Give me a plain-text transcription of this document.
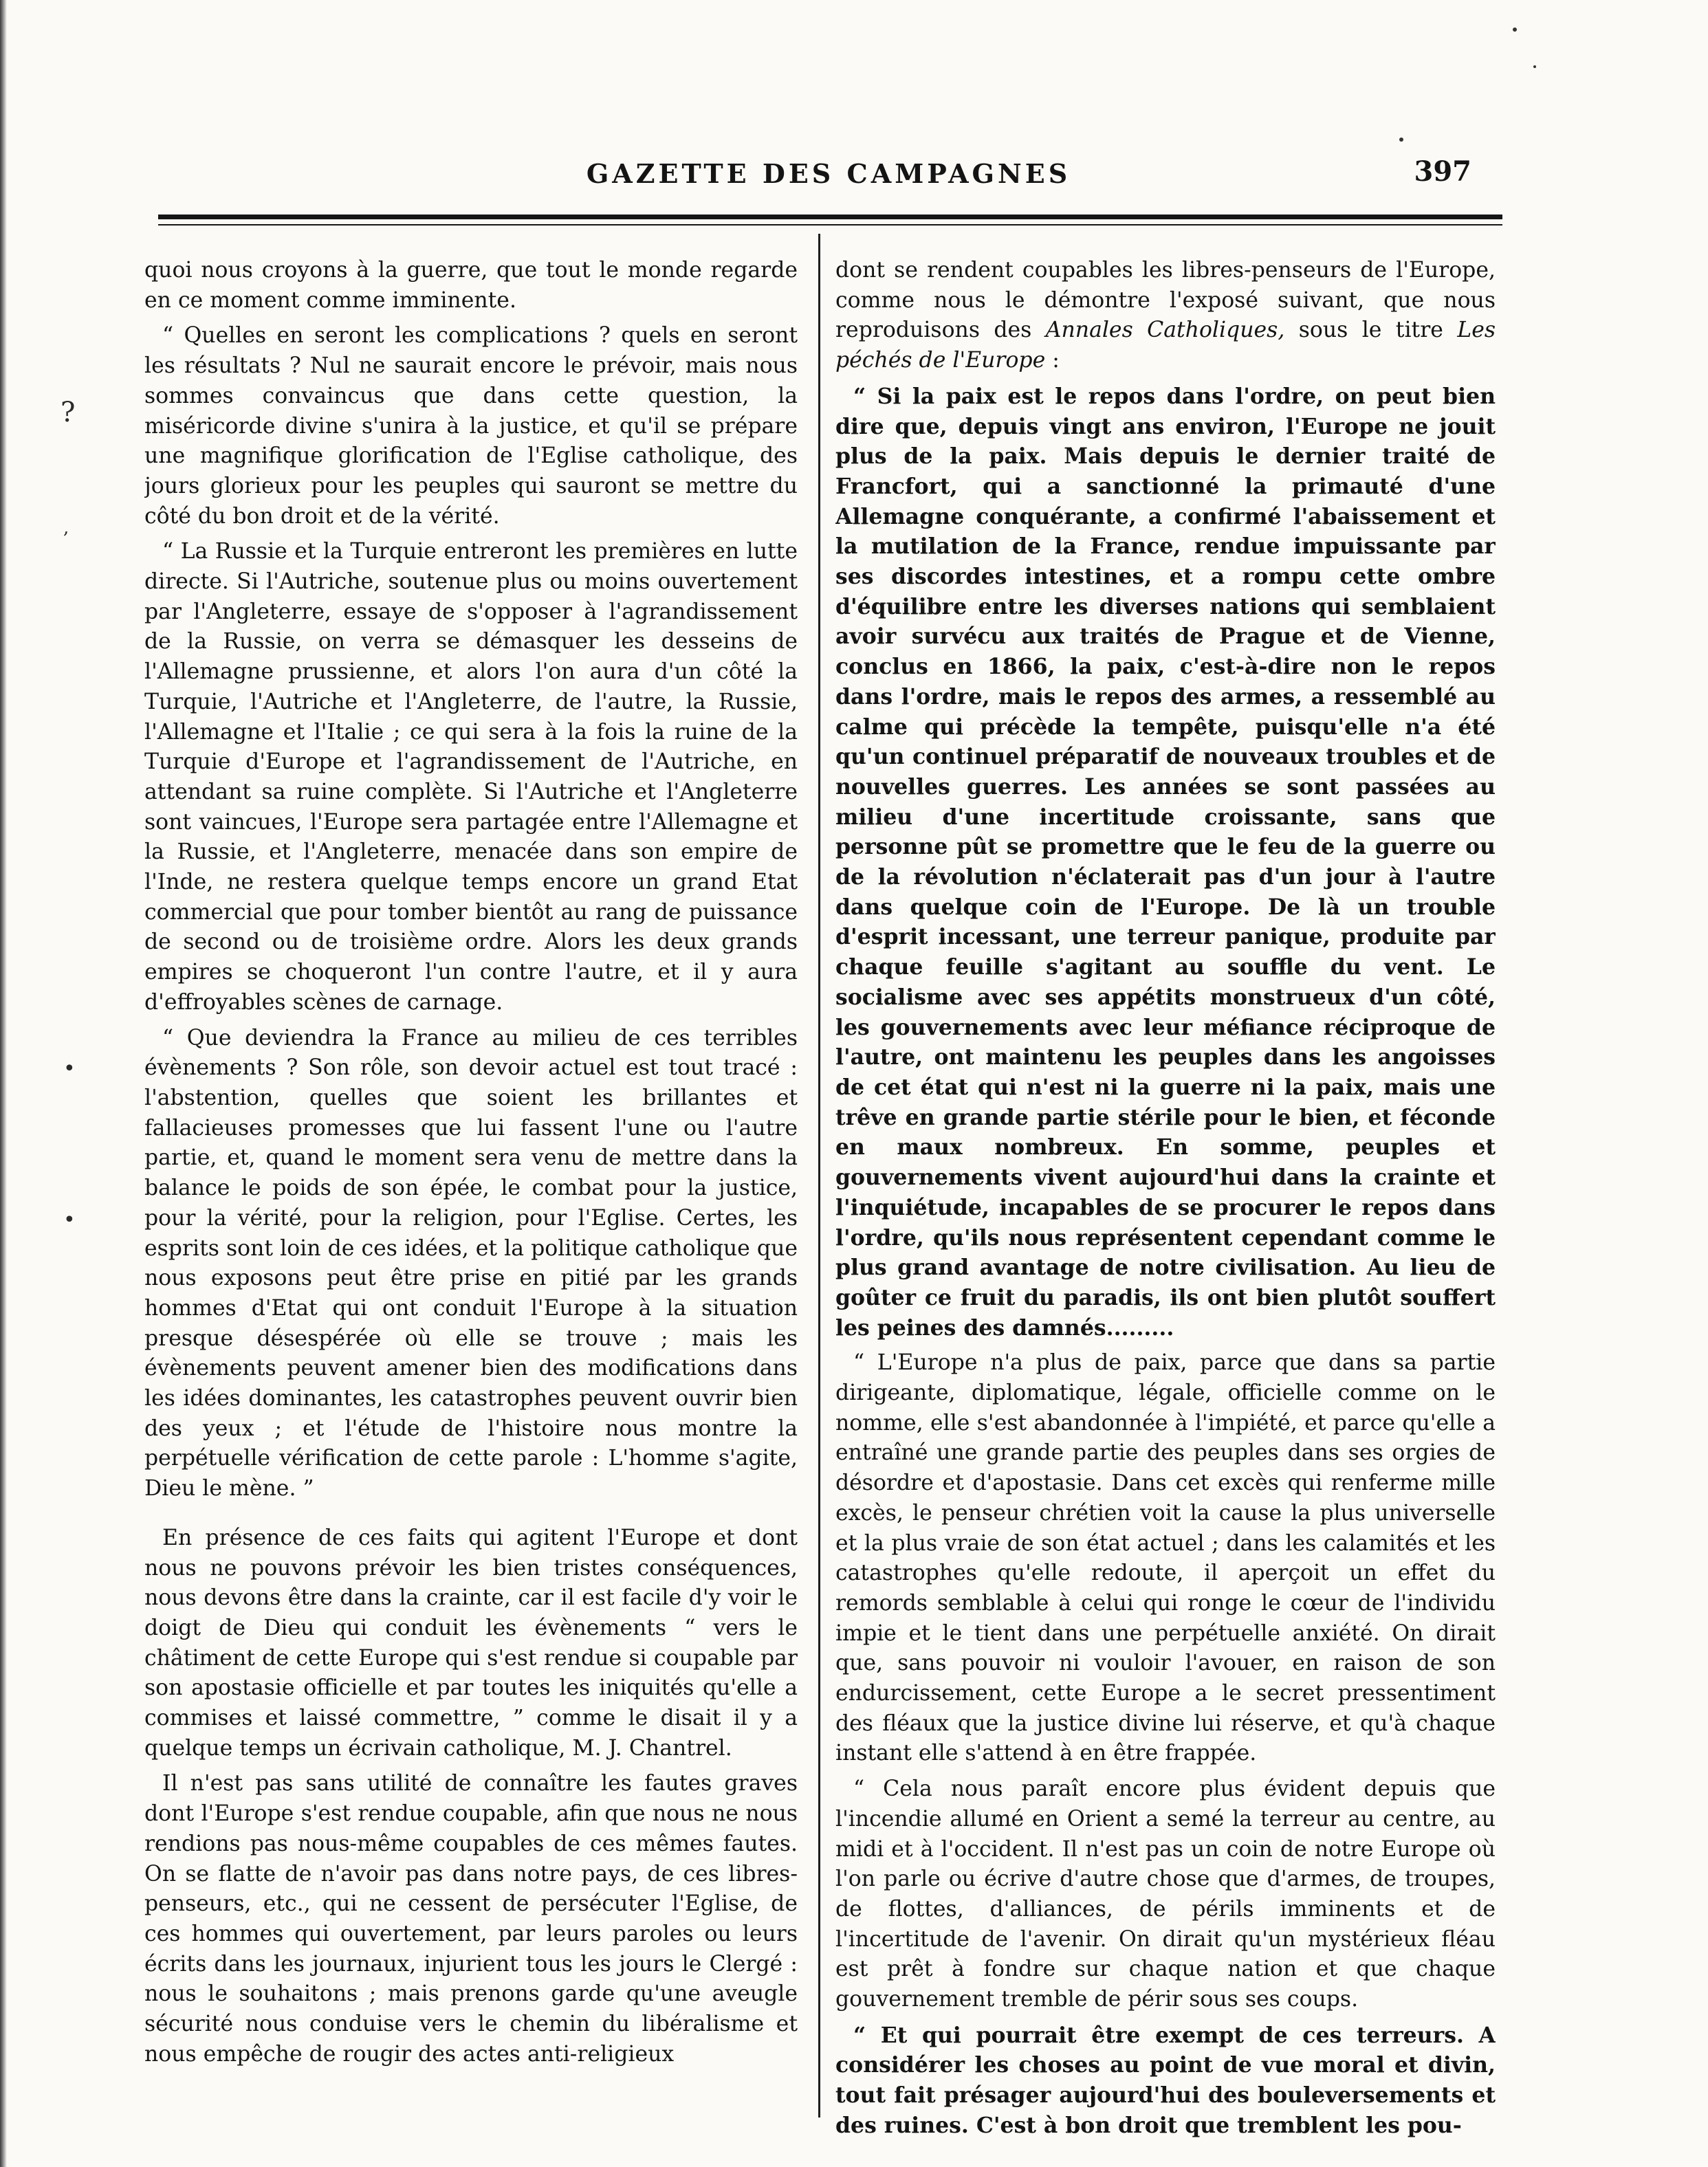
?
,
•
•
GAZETTE DES CAMPAGNES	397

quoi nous croyons à la guerre, que tout le monde regarde en ce moment comme imminente.

“ Quelles en seront les complications ? quels en seront les résultats ? Nul ne saurait encore le prévoir, mais nous sommes convaincus que dans cette question, la miséricorde divine s'unira à la justice, et qu'il se prépare une magnifique glorification de l'Eglise catholique, des jours glorieux pour les peuples qui sauront se mettre du côté du bon droit et de la vérité.

“ La Russie et la Turquie entreront les premières en lutte directe. Si l'Autriche, soutenue plus ou moins ouvertement par l'Angleterre, essaye de s'opposer à l'agrandissement de la Russie, on verra se démasquer les desseins de l'Allemagne prussienne, et alors l'on aura d'un côté la Turquie, l'Autriche et l'Angleterre, de l'autre, la Russie, l'Allemagne et l'Italie ; ce qui sera à la fois la ruine de la Turquie d'Europe et l'agrandissement de l'Autriche, en attendant sa ruine complète. Si l'Autriche et l'Angleterre sont vaincues, l'Europe sera partagée entre l'Allemagne et la Russie, et l'Angleterre, menacée dans son empire de l'Inde, ne restera quelque temps encore un grand Etat commercial que pour tomber bientôt au rang de puissance de second ou de troisième ordre. Alors les deux grands empires se choqueront l'un contre l'autre, et il y aura d'effroyables scènes de carnage.

“ Que deviendra la France au milieu de ces terribles évènements ? Son rôle, son devoir actuel est tout tracé : l'abstention, quelles que soient les brillantes et fallacieuses promesses que lui fassent l'une ou l'autre partie, et, quand le moment sera venu de mettre dans la balance le poids de son épée, le combat pour la justice, pour la vérité, pour la religion, pour l'Eglise. Certes, les esprits sont loin de ces idées, et la politique catholique que nous exposons peut être prise en pitié par les grands hommes d'Etat qui ont conduit l'Europe à la situation presque désespérée où elle se trouve ; mais les évènements peuvent amener bien des modifications dans les idées dominantes, les catastrophes peuvent ouvrir bien des yeux ; et l'étude de l'histoire nous montre la perpétuelle vérification de cette parole : L'homme s'agite, Dieu le mène. ”

En présence de ces faits qui agitent l'Europe et dont nous ne pouvons prévoir les bien tristes conséquences, nous devons être dans la crainte, car il est facile d'y voir le doigt de Dieu qui conduit les évènements “ vers le châtiment de cette Europe qui s'est rendue si coupable par son apostasie officielle et par toutes les iniquités qu'elle a commises et laissé commettre, ” comme le disait il y a quelque temps un écrivain catholique, M. J. Chantrel.

Il n'est pas sans utilité de connaître les fautes graves dont l'Europe s'est rendue coupable, afin que nous ne nous rendions pas nous-même coupables de ces mêmes fautes. On se flatte de n'avoir pas dans notre pays, de ces libres-penseurs, etc., qui ne cessent de persécuter l'Eglise, de ces hommes qui ouvertement, par leurs paroles ou leurs écrits dans les journaux, injurient tous les jours le Clergé : nous le souhaitons ; mais prenons garde qu'une aveugle sécurité nous conduise vers le chemin du libéralisme et nous empêche de rougir des actes anti-religieux

dont se rendent coupables les libres-penseurs de l'Europe, comme nous le démontre l'exposé suivant, que nous reproduisons des Annales Catholiques, sous le titre Les péchés de l'Europe :

“ Si la paix est le repos dans l'ordre, on peut bien dire que, depuis vingt ans environ, l'Europe ne jouit plus de la paix. Mais depuis le dernier traité de Francfort, qui a sanctionné la primauté d'une Allemagne conquérante, a confirmé l'abaissement et la mutilation de la France, rendue impuissante par ses discordes intestines, et a rompu cette ombre d'équilibre entre les diverses nations qui semblaient avoir survécu aux traités de Prague et de Vienne, conclus en 1866, la paix, c'est-à-dire non le repos dans l'ordre, mais le repos des armes, a ressemblé au calme qui précède la tempête, puisqu'elle n'a été qu'un continuel préparatif de nouveaux troubles et de nouvelles guerres. Les années se sont passées au milieu d'une incertitude croissante, sans que personne pût se promettre que le feu de la guerre ou de la révolution n'éclaterait pas d'un jour à l'autre dans quelque coin de l'Europe. De là un trouble d'esprit incessant, une terreur panique, produite par chaque feuille s'agitant au souffle du vent. Le socialisme avec ses appétits monstrueux d'un côté, les gouvernements avec leur méfiance réciproque de l'autre, ont maintenu les peuples dans les angoisses de cet état qui n'est ni la guerre ni la paix, mais une trêve en grande partie stérile pour le bien, et féconde en maux nombreux. En somme, peuples et gouvernements vivent aujourd'hui dans la crainte et l'inquiétude, incapables de se procurer le repos dans l'ordre, qu'ils nous représentent cependant comme le plus grand avantage de notre civilisation. Au lieu de goûter ce fruit du paradis, ils ont bien plutôt souffert les peines des damnés.........

“ L'Europe n'a plus de paix, parce que dans sa partie dirigeante, diplomatique, légale, officielle comme on le nomme, elle s'est abandonnée à l'impiété, et parce qu'elle a entraîné une grande partie des peuples dans ses orgies de désordre et d'apostasie. Dans cet excès qui renferme mille excès, le penseur chrétien voit la cause la plus universelle et la plus vraie de son état actuel ; dans les calamités et les catastrophes qu'elle redoute, il aperçoit un effet du remords semblable à celui qui ronge le cœur de l'individu impie et le tient dans une perpétuelle anxiété. On dirait que, sans pouvoir ni vouloir l'avouer, en raison de son endurcissement, cette Europe a le secret pressentiment des fléaux que la justice divine lui réserve, et qu'à chaque instant elle s'attend à en être frappée.

“ Cela nous paraît encore plus évident depuis que l'incendie allumé en Orient a semé la terreur au centre, au midi et à l'occident. Il n'est pas un coin de notre Europe où l'on parle ou écrive d'autre chose que d'armes, de troupes, de flottes, d'alliances, de périls imminents et de l'incertitude de l'avenir. On dirait qu'un mystérieux fléau est prêt à fondre sur chaque nation et que chaque gouvernement tremble de périr sous ses coups.

“ Et qui pourrait être exempt de ces terreurs. A considérer les choses au point de vue moral et divin, tout fait présager aujourd'hui des bouleversements et des ruines. C'est à bon droit que tremblent les pou-
